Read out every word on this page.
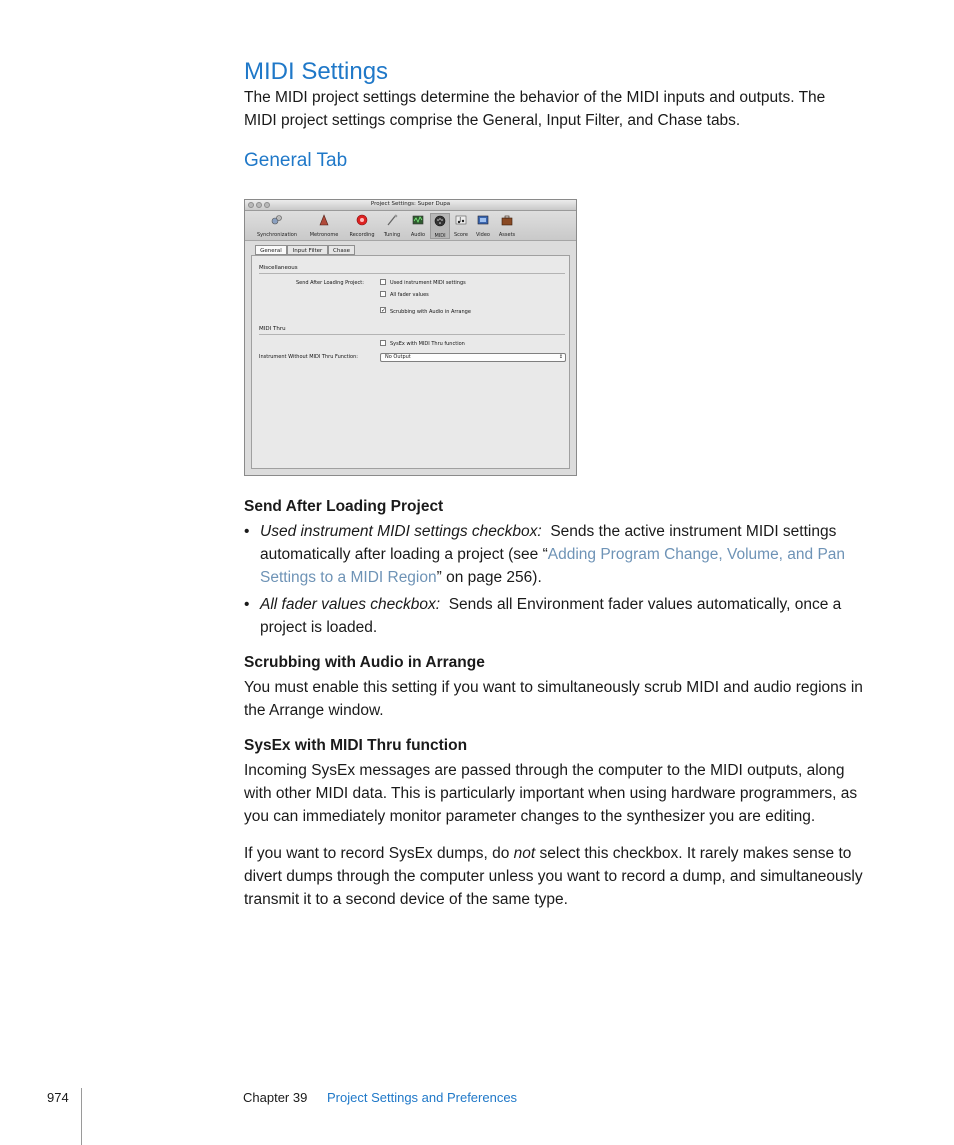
MIDI Settings

The MIDI project settings determine the behavior of the MIDI inputs and outputs. The
MIDI project settings comprise the General, Input Filter, and Chase tabs.

General Tab
Project Settings: Super Dupa
Synchronization	Metronome	Recording	Tuning	Audio	MIDI	Score	Video	Assets
General	Input Filter	Chase
Miscellaneous
Send After Loading Project:	Used instrument MIDI settings
All fader values
✓ Scrubbing with Audio in Arrange
MIDI Thru
SysEx with MIDI Thru function
Instrument Without MIDI Thru Function:	No Output	↕
Send After Loading Project

• Used instrument MIDI settings checkbox: Sends the active instrument MIDI settings automatically after loading a project (see “Adding Program Change, Volume, and Pan Settings to a MIDI Region” on page 256).

• All fader values checkbox: Sends all Environment fader values automatically, once a project is loaded.

Scrubbing with Audio in Arrange

You must enable this setting if you want to simultaneously scrub MIDI and audio regions in the Arrange window.

SysEx with MIDI Thru function

Incoming SysEx messages are passed through the computer to the MIDI outputs, along with other MIDI data. This is particularly important when using hardware programmers, as you can immediately monitor parameter changes to the synthesizer you are editing.

If you want to record SysEx dumps, do not select this checkbox. It rarely makes sense to divert dumps through the computer unless you want to record a dump, and simultaneously transmit it to a second device of the same type.

974	Chapter 39 Project Settings and Preferences
